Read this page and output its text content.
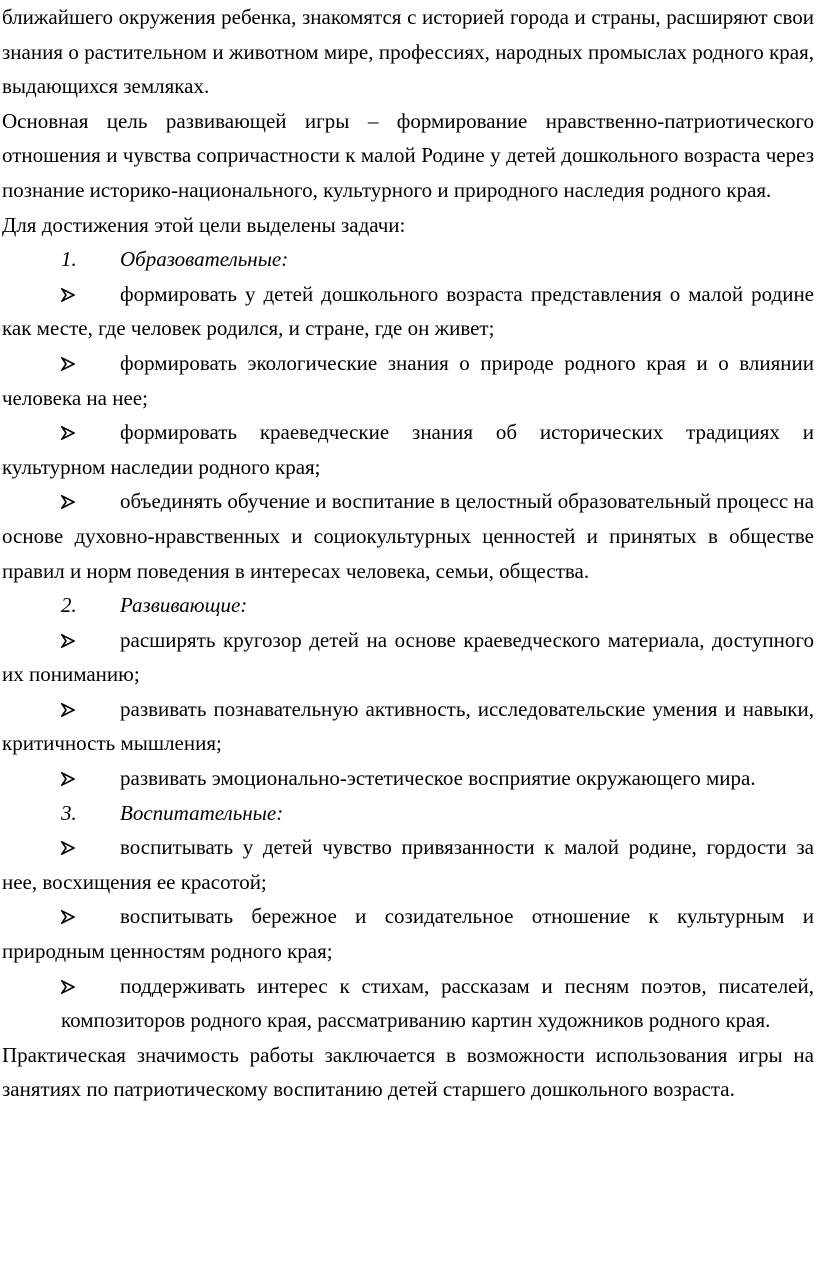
ближайшего окружения ребенка, знакомятся с историей города и страны, расширяют свои знания о растительном и животном мире, профессиях, народных промыслах родного края, выдающихся земляках.

Основная цель развивающей игры – формирование нравственно-патриотического отношения и чувства сопричастности к малой Родине у детей дошкольного возраста через познание историко-национального, культурного и природного наследия родного края.

Для достижения этой цели выделены задачи:

1. Образовательные:

формировать у детей дошкольного возраста представления о малой родине как месте, где человек родился, и стране, где он живет;

формировать экологические знания о природе родного края и о влиянии человека на нее;

формировать краеведческие знания об исторических традициях и культурном наследии родного края;

объединять обучение и воспитание в целостный образовательный процесс на основе духовно-нравственных и социокультурных ценностей и принятых в обществе правил и норм поведения в интересах человека, семьи, общества.

2. Развивающие:

расширять кругозор детей на основе краеведческого материала, доступного их пониманию;

развивать познавательную активность, исследовательские умения и навыки, критичность мышления;

развивать эмоционально-эстетическое восприятие окружающего мира.

3. Воспитательные:

воспитывать у детей чувство привязанности к малой родине, гордости за нее, восхищения ее красотой;

воспитывать бережное и созидательное отношение к культурным и природным ценностям родного края;

поддерживать интерес к стихам, рассказам и песням поэтов, писателей, композиторов родного края, рассматриванию картин художников родного края.

Практическая значимость работы заключается в возможности использования игры на занятиях по патриотическому воспитанию детей старшего дошкольного возраста.
